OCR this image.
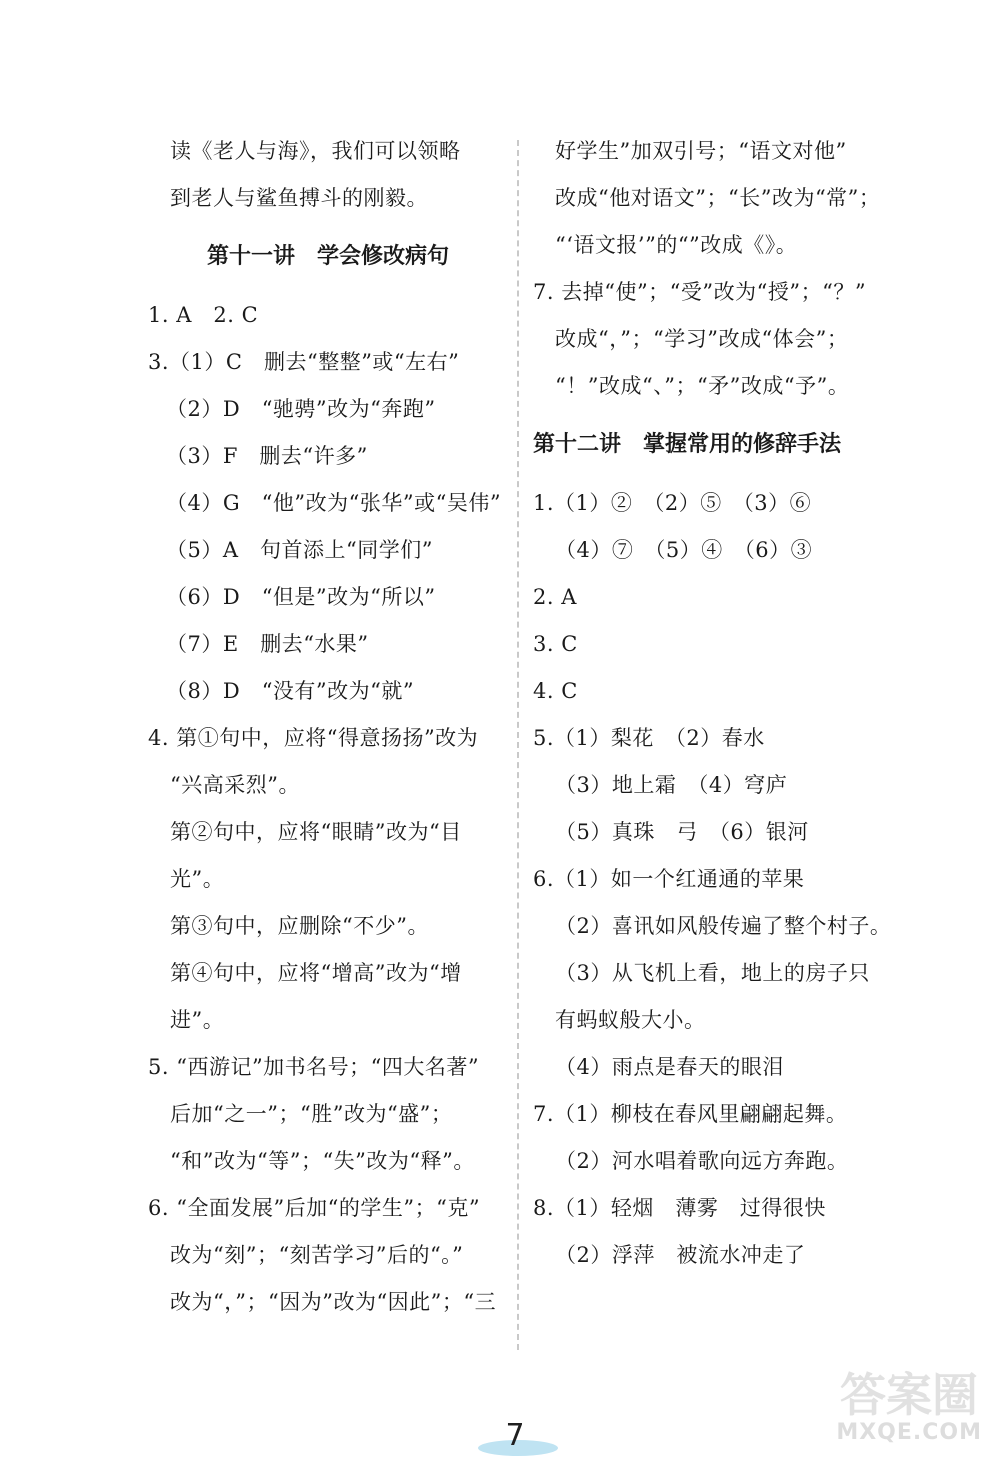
读《老人与海》，我们可以领略
到老人与鲨鱼搏斗的刚毅。
第十一讲　学会修改病句
1. A　2. C
3.（1）C　删去“整整”或“左右”
（2）D　“驰骋”改为“奔跑”
（3）F　删去“许多”
（4）G　“他”改为“张华”或“吴伟”
（5）A　句首添上“同学们”
（6）D　“但是”改为“所以”
（7）E　删去“水果”
（8）D　“没有”改为“就”
4. 第①句中，应将“得意扬扬”改为
“兴高采烈”。
第②句中，应将“眼睛”改为“目
光”。
第③句中，应删除“不少”。
第④句中，应将“增高”改为“增
进”。
5. “西游记”加书名号；“四大名著”
后加“之一”；“胜”改为“盛”；
“和”改为“等”；“失”改为“释”。
6. “全面发展”后加“的学生”；“克”
改为“刻”；“刻苦学习”后的“。”
改为“，”；“因为”改为“因此”；“三
好学生”加双引号；“语文对他”
改成“他对语文”；“长”改为“常”；
“‘语文报’”的“”改成《》。
7. 去掉“使”；“受”改为“授”；“？”
改成“，”；“学习”改成“体会”；
“！”改成“、”；“矛”改成“予”。
第十二讲　掌握常用的修辞手法
1.（1）②　（2）⑤　（3）⑥
（4）⑦　（5）④　（6）③
2. A
3. C
4. C
5.（1）梨花　（2）春水
（3）地上霜　（4）穹庐
（5）真珠　弓　（6）银河
6.（1）如一个红通通的苹果
（2）喜讯如风般传遍了整个村子。
（3）从飞机上看，地上的房子只
有蚂蚁般大小。
（4）雨点是春天的眼泪
7.（1）柳枝在春风里翩翩起舞。
（2）河水唱着歌向远方奔跑。
8.（1）轻烟　薄雾　过得很快
（2）浮萍　被流水冲走了
7
答案圈
MXQE.COM
